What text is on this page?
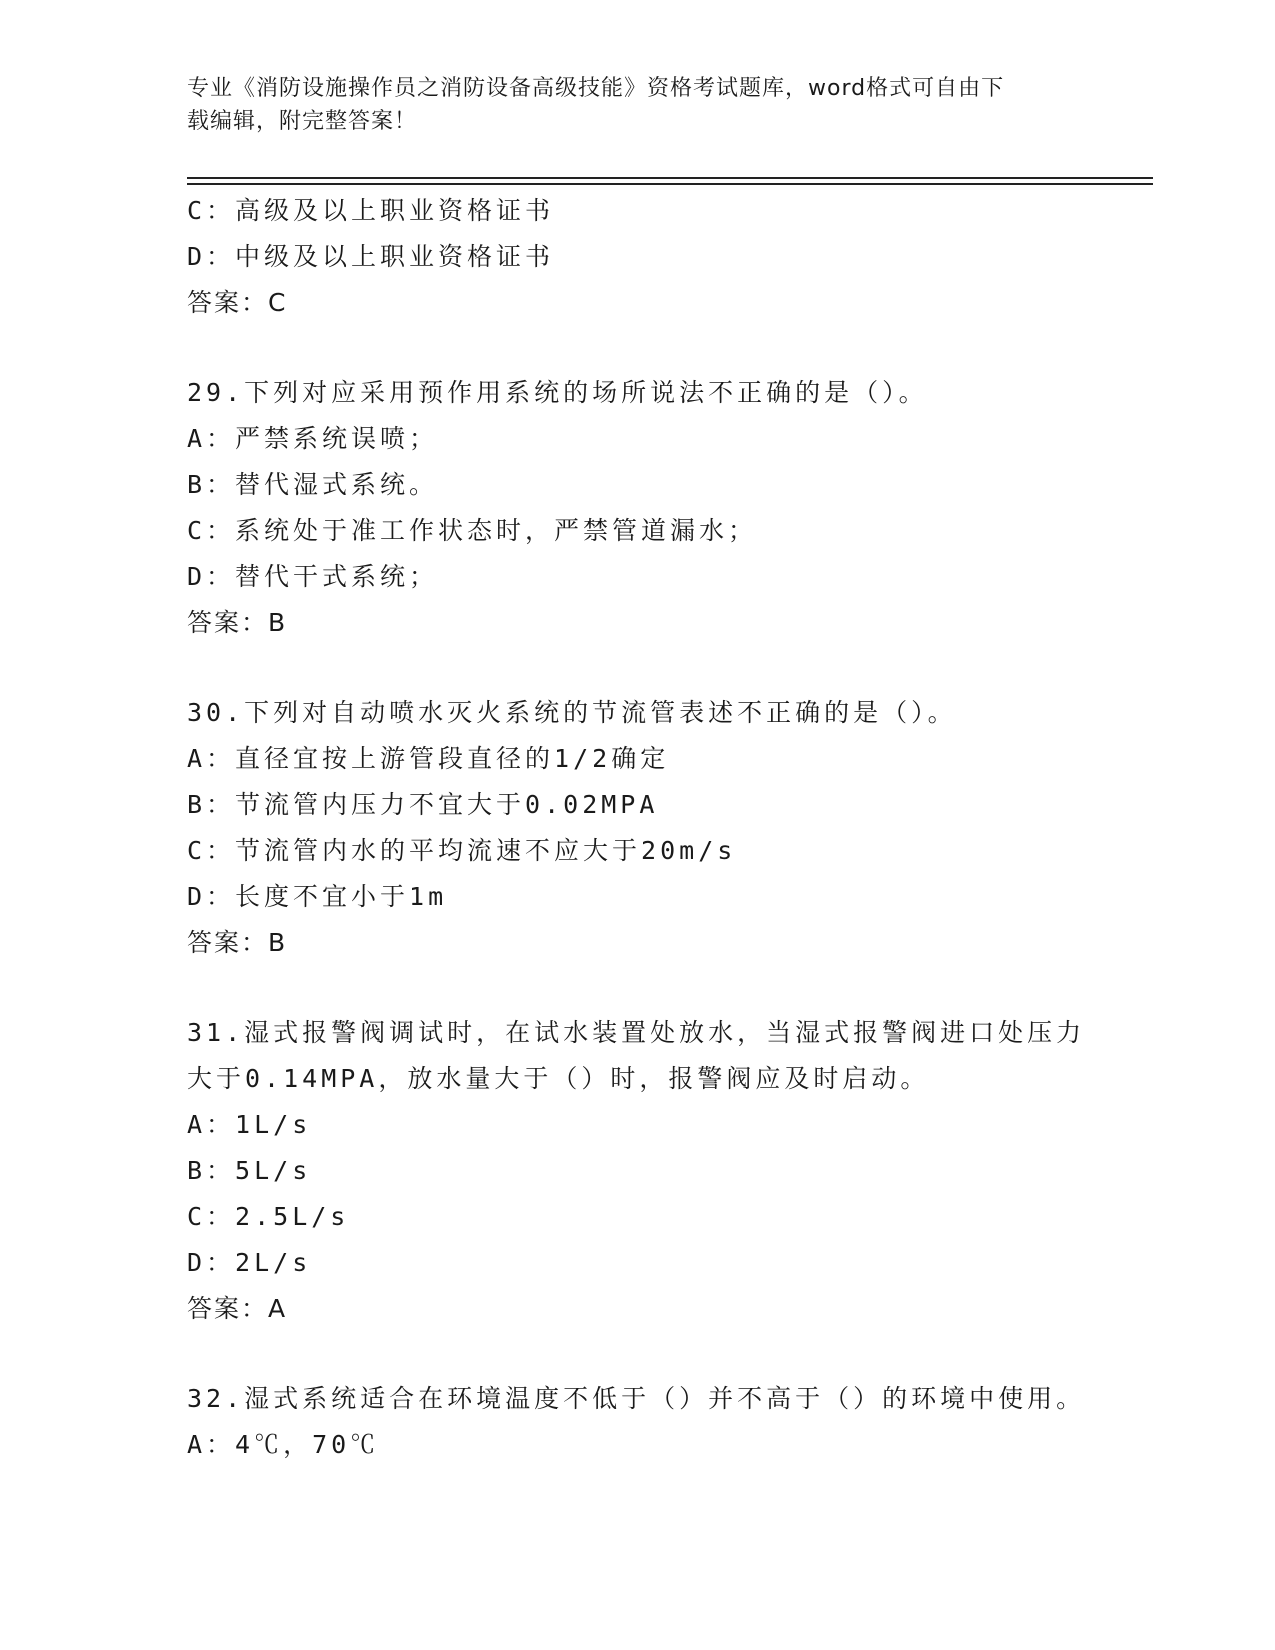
专业《消防设施操作员之消防设备高级技能》资格考试题库，word格式可自由下
载编辑，附完整答案！
C：高级及以上职业资格证书
D：中级及以上职业资格证书
答案：C
29.下列对应采用预作用系统的场所说法不正确的是（）。
A：严禁系统误喷；
B：替代湿式系统。
C：系统处于准工作状态时，严禁管道漏水；
D：替代干式系统；
答案：B
30.下列对自动喷水灭火系统的节流管表述不正确的是（）。
A：直径宜按上游管段直径的1/2确定
B：节流管内压力不宜大于0.02MPA
C：节流管内水的平均流速不应大于20m/s
D：长度不宜小于1m
答案：B
31.湿式报警阀调试时，在试水装置处放水，当湿式报警阀进口处压力
大于0.14MPA，放水量大于（）时，报警阀应及时启动。
A：1L/s
B：5L/s
C：2.5L/s
D：2L/s
答案：A
32.湿式系统适合在环境温度不低于（）并不高于（）的环境中使用。
A：4℃，70℃
